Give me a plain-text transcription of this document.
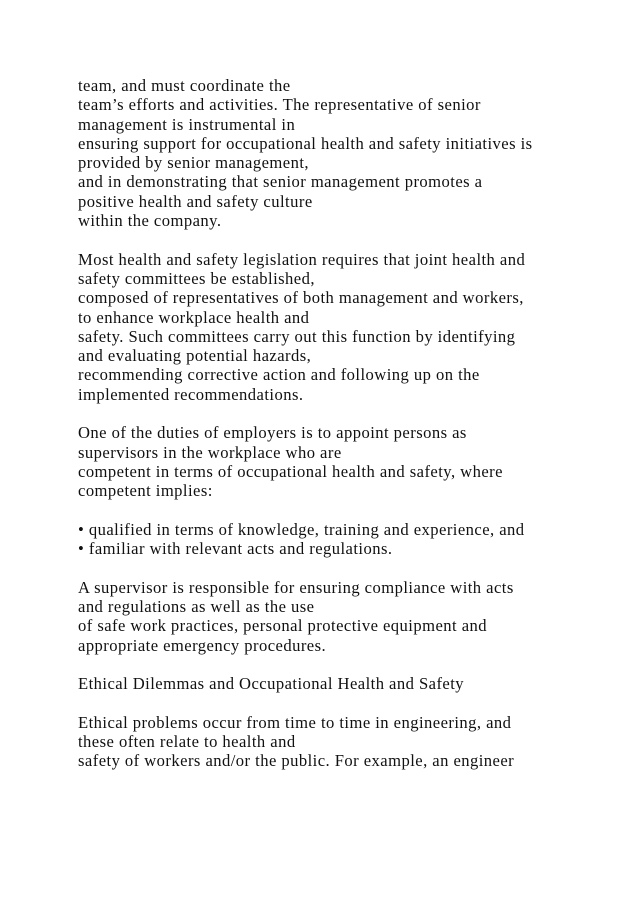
team, and must coordinate the
team’s efforts and activities. The representative of senior
management is instrumental in
ensuring support for occupational health and safety initiatives is
provided by senior management,
and in demonstrating that senior management promotes a
positive health and safety culture
within the company.

Most health and safety legislation requires that joint health and
safety committees be established,
composed of representatives of both management and workers,
to enhance workplace health and
safety. Such committees carry out this function by identifying
and evaluating potential hazards,
recommending corrective action and following up on the
implemented recommendations.

One of the duties of employers is to appoint persons as
supervisors in the workplace who are
competent in terms of occupational health and safety, where
competent implies:

• qualified in terms of knowledge, training and experience, and
• familiar with relevant acts and regulations.

A supervisor is responsible for ensuring compliance with acts
and regulations as well as the use
of safe work practices, personal protective equipment and
appropriate emergency procedures.

Ethical Dilemmas and Occupational Health and Safety

Ethical problems occur from time to time in engineering, and
these often relate to health and
safety of workers and/or the public. For example, an engineer
